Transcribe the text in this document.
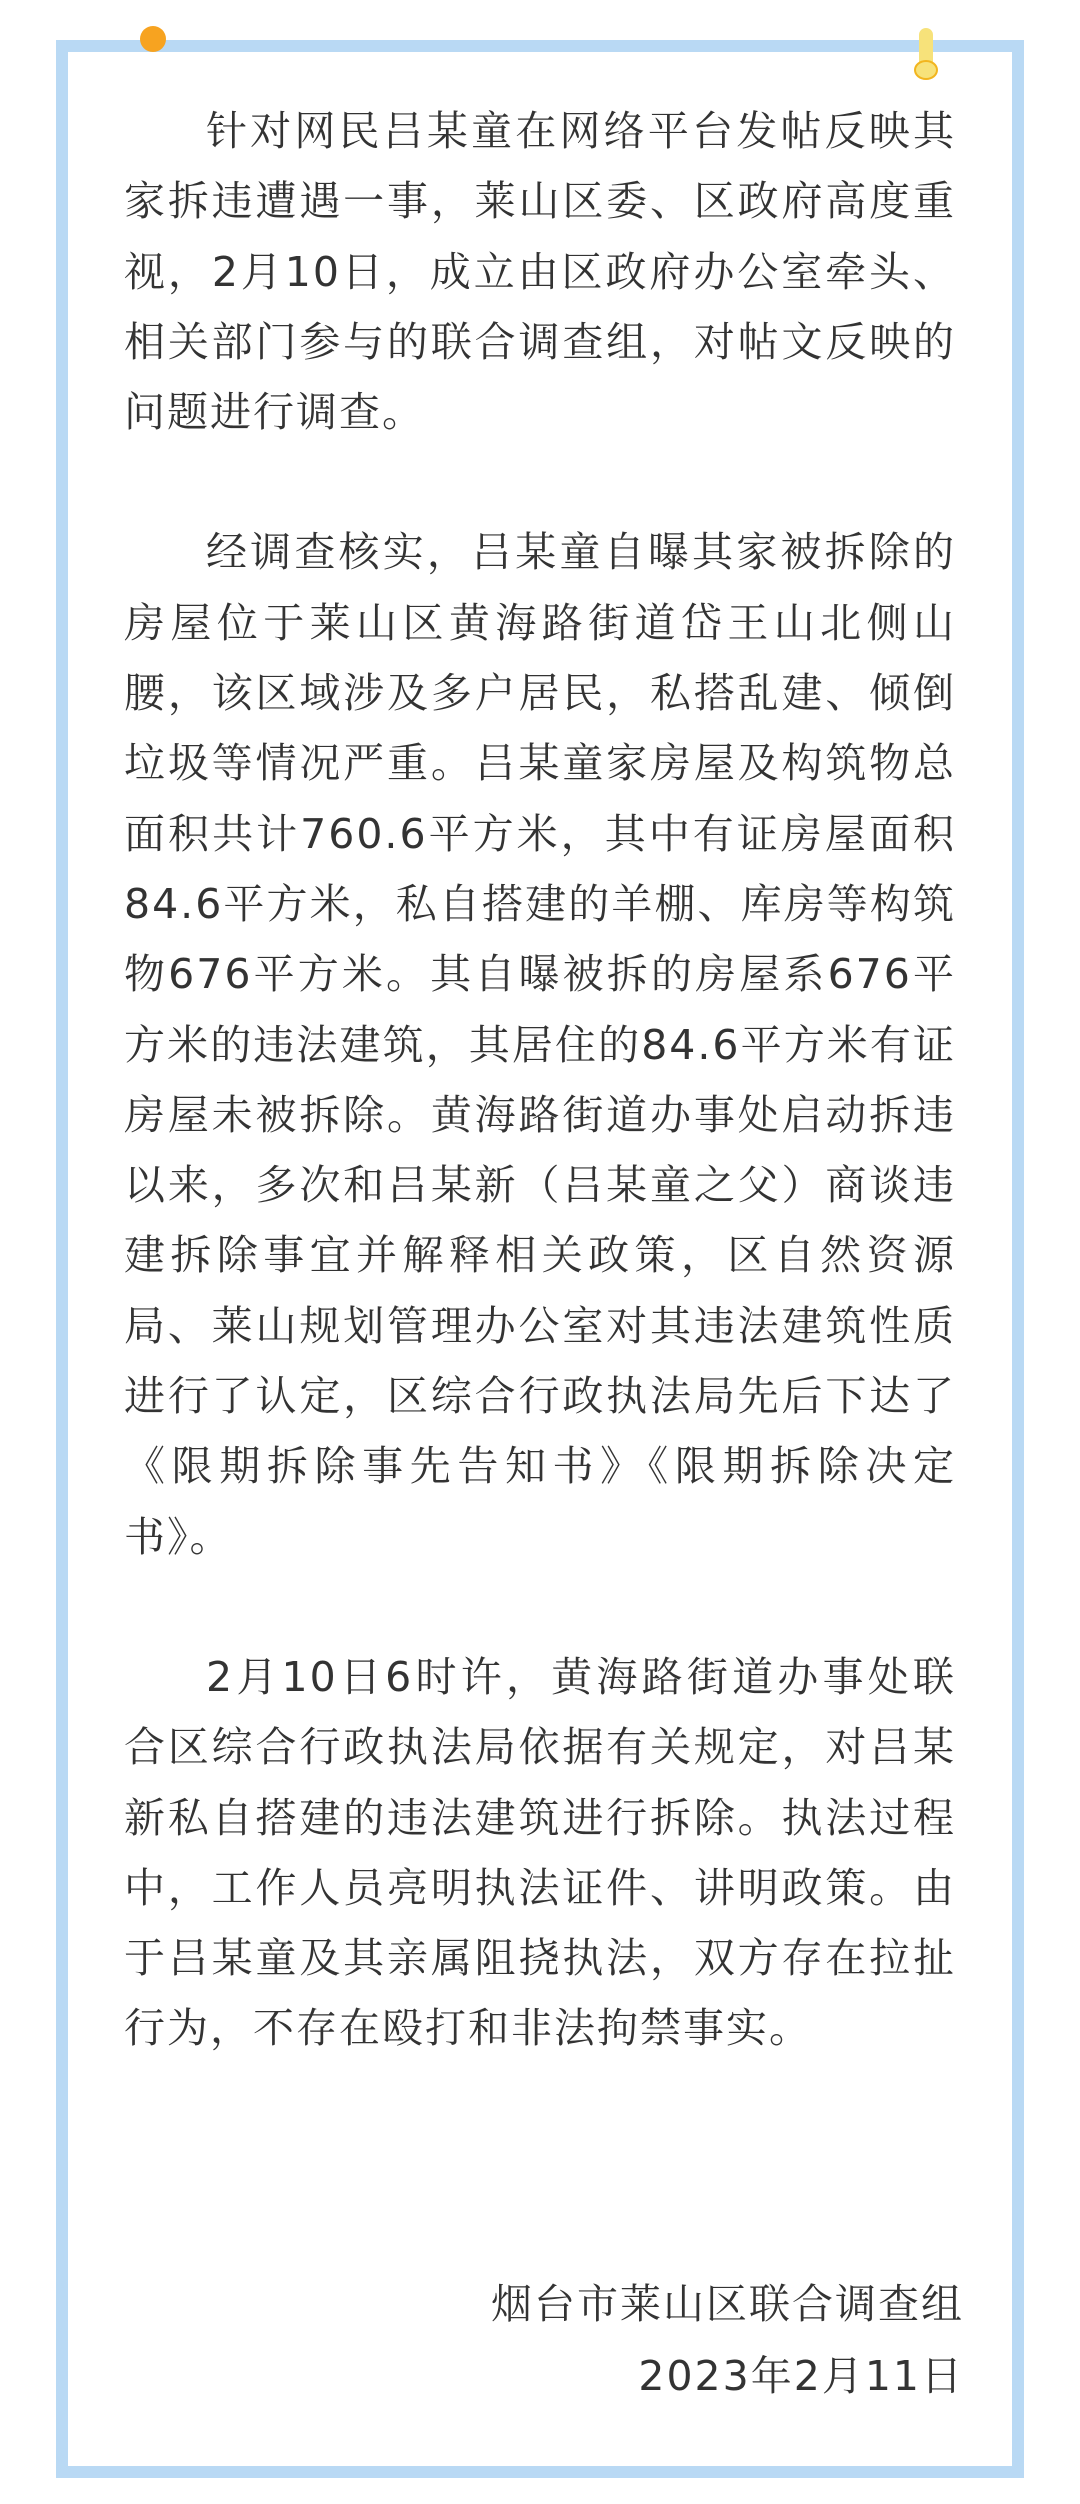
针对网民吕某童在网络平台发帖反映其家拆违遭遇一事，莱山区委、区政府高度重视，2月10日，成立由区政府办公室牵头、相关部门参与的联合调查组，对帖文反映的问题进行调查。

经调查核实，吕某童自曝其家被拆除的房屋位于莱山区黄海路街道岱王山北侧山腰，该区域涉及多户居民，私搭乱建、倾倒垃圾等情况严重。吕某童家房屋及构筑物总面积共计760.6平方米，其中有证房屋面积84.6平方米，私自搭建的羊棚、库房等构筑物676平方米。其自曝被拆的房屋系676平方米的违法建筑，其居住的84.6平方米有证房屋未被拆除。黄海路街道办事处启动拆违以来，多次和吕某新（吕某童之父）商谈违建拆除事宜并解释相关政策，区自然资源局、莱山规划管理办公室对其违法建筑性质进行了认定，区综合行政执法局先后下达了《限期拆除事先告知书》《限期拆除决定书》。

2月10日6时许，黄海路街道办事处联合区综合行政执法局依据有关规定，对吕某新私自搭建的违法建筑进行拆除。执法过程中，工作人员亮明执法证件、讲明政策。由于吕某童及其亲属阻挠执法，双方存在拉扯行为，不存在殴打和非法拘禁事实。

烟台市莱山区联合调查组
2023年2月11日
